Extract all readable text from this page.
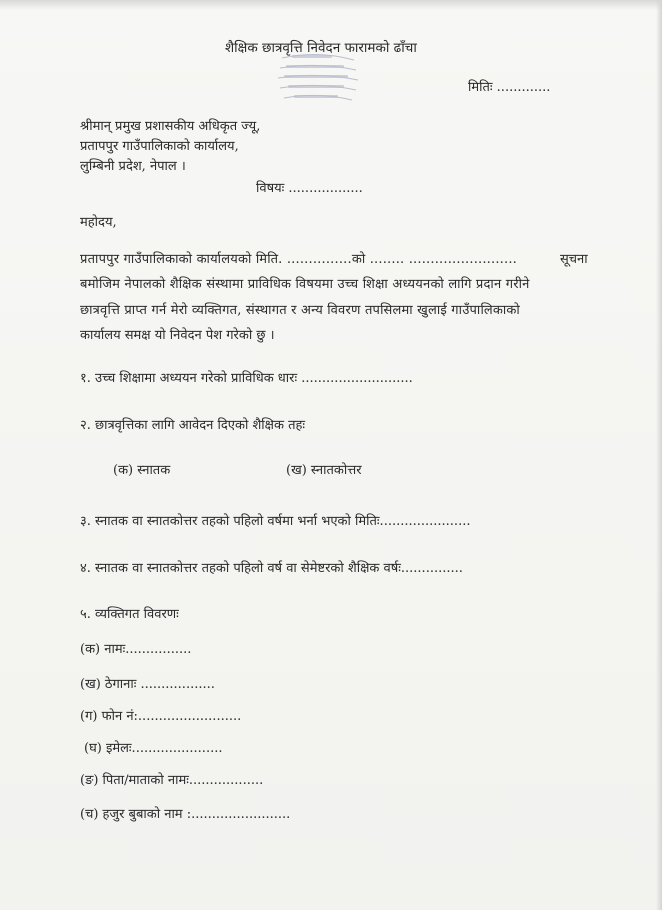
शैक्षिक छात्रवृत्ति निवेदन फारामको ढाँचा
मितिः .............
श्रीमान् प्रमुख प्रशासकीय अधिकृत ज्यू,
प्रतापपुर गाउँपालिकाको कार्यालय,
लुम्बिनी प्रदेश, नेपाल ।
विषयः ..................
महोदय,
प्रतापपुर गाउँपालिकाको कार्यालयको मिति. ...............को ........ .........................	सूचना
बमोजिम नेपालको शैक्षिक संस्थामा प्राविधिक विषयमा उच्च शिक्षा अध्ययनको लागि प्रदान गरीने
छात्रवृत्ति प्राप्त गर्न मेरो व्यक्तिगत, संस्थागत र अन्य विवरण तपसिलमा खुलाई गाउँपालिकाको
कार्यालय समक्ष यो निवेदन पेश गरेको छु ।
१. उच्च शिक्षामा अध्ययन गरेको प्राविधिक धारः ...........................
२. छात्रवृत्तिका लागि आवेदन दिएको शैक्षिक तहः
(क) स्नातक	(ख) स्नातकोत्तर
३. स्नातक वा स्नातकोत्तर तहको पहिलो वर्षमा भर्ना भएको मितिः......................
४. स्नातक वा स्नातकोत्तर तहको पहिलो वर्ष वा सेमेष्टरको शैक्षिक वर्षः...............
५. व्यक्तिगत विवरणः
(क) नामः................
(ख) ठेगानाः ..................
(ग) फोन नं:.........................
(घ) इमेलः......................
(ङ) पिता/माताको नामः..................
(च) हजुर बुबाको नाम :........................
